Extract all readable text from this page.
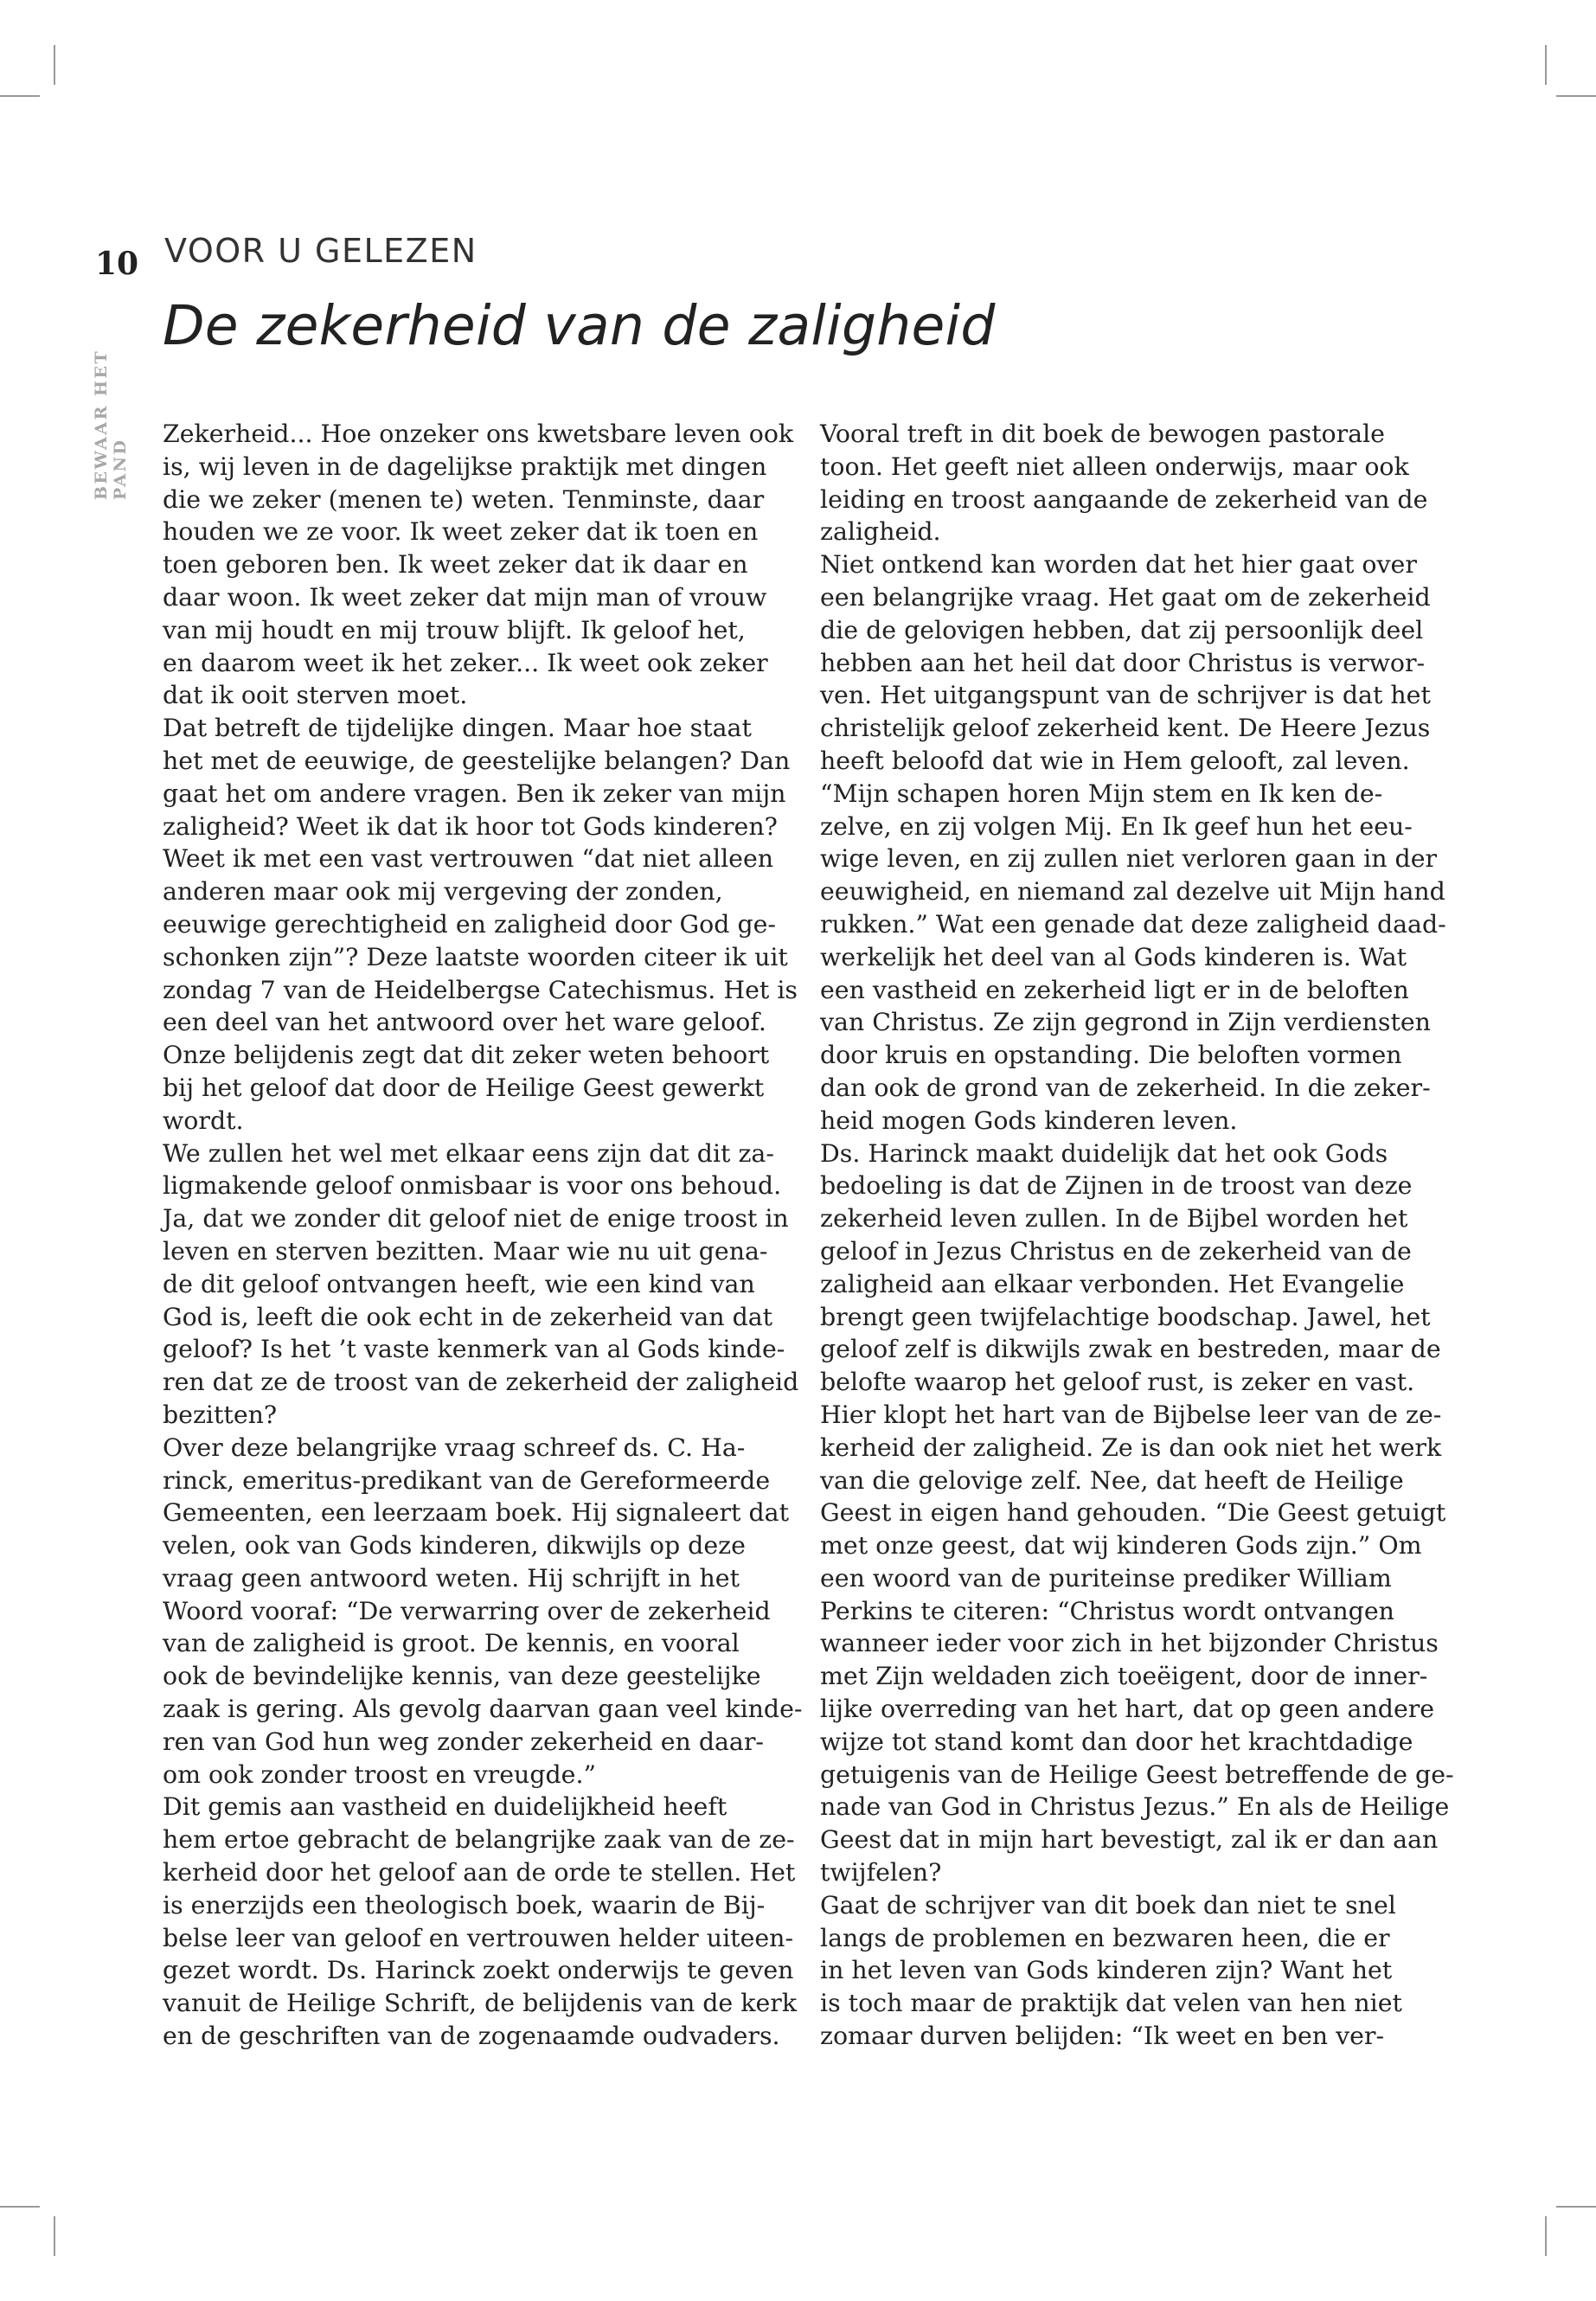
10 VOOR U GELEZEN
BEWAAR HET PAND
De zekerheid van de zaligheid
Zekerheid... Hoe onzeker ons kwetsbare leven ook
is, wij leven in de dagelijkse praktijk met dingen
die we zeker (menen te) weten. Tenminste, daar
houden we ze voor. Ik weet zeker dat ik toen en
toen geboren ben. Ik weet zeker dat ik daar en
daar woon. Ik weet zeker dat mijn man of vrouw
van mij houdt en mij trouw blijft. Ik geloof het,
en daarom weet ik het zeker... Ik weet ook zeker
dat ik ooit sterven moet.
Dat betreft de tijdelijke dingen. Maar hoe staat
het met de eeuwige, de geestelijke belangen? Dan
gaat het om andere vragen. Ben ik zeker van mijn
zaligheid? Weet ik dat ik hoor tot Gods kinderen?
Weet ik met een vast vertrouwen “dat niet alleen
anderen maar ook mij vergeving der zonden,
eeuwige gerechtigheid en zaligheid door God ge-
schonken zijn”? Deze laatste woorden citeer ik uit
zondag 7 van de Heidelbergse Catechismus. Het is
een deel van het antwoord over het ware geloof.
Onze belijdenis zegt dat dit zeker weten behoort
bij het geloof dat door de Heilige Geest gewerkt
wordt.
We zullen het wel met elkaar eens zijn dat dit za-
ligmakende geloof onmisbaar is voor ons behoud.
Ja, dat we zonder dit geloof niet de enige troost in
leven en sterven bezitten. Maar wie nu uit gena-
de dit geloof ontvangen heeft, wie een kind van
God is, leeft die ook echt in de zekerheid van dat
geloof? Is het ’t vaste kenmerk van al Gods kinde-
ren dat ze de troost van de zekerheid der zaligheid
bezitten?
Over deze belangrijke vraag schreef ds. C. Ha-
rinck, emeritus-predikant van de Gereformeerde
Gemeenten, een leerzaam boek. Hij signaleert dat
velen, ook van Gods kinderen, dikwijls op deze
vraag geen antwoord weten. Hij schrijft in het
Woord vooraf: “De verwarring over de zekerheid
van de zaligheid is groot. De kennis, en vooral
ook de bevindelijke kennis, van deze geestelijke
zaak is gering. Als gevolg daarvan gaan veel kinde-
ren van God hun weg zonder zekerheid en daar-
om ook zonder troost en vreugde.”
Dit gemis aan vastheid en duidelijkheid heeft
hem ertoe gebracht de belangrijke zaak van de ze-
kerheid door het geloof aan de orde te stellen. Het
is enerzijds een theologisch boek, waarin de Bij-
belse leer van geloof en vertrouwen helder uiteen-
gezet wordt. Ds. Harinck zoekt onderwijs te geven
vanuit de Heilige Schrift, de belijdenis van de kerk
en de geschriften van de zogenaamde oudvaders.
Vooral treft in dit boek de bewogen pastorale
toon. Het geeft niet alleen onderwijs, maar ook
leiding en troost aangaande de zekerheid van de
zaligheid.
Niet ontkend kan worden dat het hier gaat over
een belangrijke vraag. Het gaat om de zekerheid
die de gelovigen hebben, dat zij persoonlijk deel
hebben aan het heil dat door Christus is verwor-
ven. Het uitgangspunt van de schrijver is dat het
christelijk geloof zekerheid kent. De Heere Jezus
heeft beloofd dat wie in Hem gelooft, zal leven.
“Mijn schapen horen Mijn stem en Ik ken de-
zelve, en zij volgen Mij. En Ik geef hun het eeu-
wige leven, en zij zullen niet verloren gaan in der
eeuwigheid, en niemand zal dezelve uit Mijn hand
rukken.” Wat een genade dat deze zaligheid daad-
werkelijk het deel van al Gods kinderen is. Wat
een vastheid en zekerheid ligt er in de beloften
van Christus. Ze zijn gegrond in Zijn verdiensten
door kruis en opstanding. Die beloften vormen
dan ook de grond van de zekerheid. In die zeker-
heid mogen Gods kinderen leven.
Ds. Harinck maakt duidelijk dat het ook Gods
bedoeling is dat de Zijnen in de troost van deze
zekerheid leven zullen. In de Bijbel worden het
geloof in Jezus Christus en de zekerheid van de
zaligheid aan elkaar verbonden. Het Evangelie
brengt geen twijfelachtige boodschap. Jawel, het
geloof zelf is dikwijls zwak en bestreden, maar de
belofte waarop het geloof rust, is zeker en vast.
Hier klopt het hart van de Bijbelse leer van de ze-
kerheid der zaligheid. Ze is dan ook niet het werk
van die gelovige zelf. Nee, dat heeft de Heilige
Geest in eigen hand gehouden. “Die Geest getuigt
met onze geest, dat wij kinderen Gods zijn.” Om
een woord van de puriteinse prediker William
Perkins te citeren: “Christus wordt ontvangen
wanneer ieder voor zich in het bijzonder Christus
met Zijn weldaden zich toeëigent, door de inner-
lijke overreding van het hart, dat op geen andere
wijze tot stand komt dan door het krachtdadige
getuigenis van de Heilige Geest betreffende de ge-
nade van God in Christus Jezus.” En als de Heilige
Geest dat in mijn hart bevestigt, zal ik er dan aan
twijfelen?
Gaat de schrijver van dit boek dan niet te snel
langs de problemen en bezwaren heen, die er
in het leven van Gods kinderen zijn? Want het
is toch maar de praktijk dat velen van hen niet
zomaar durven belijden: “Ik weet en ben ver-
